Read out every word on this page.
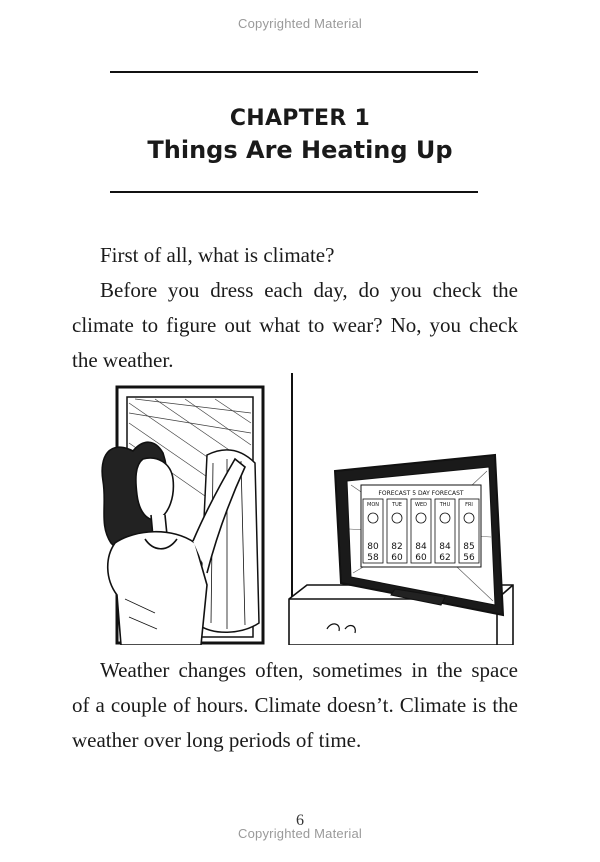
Copyrighted Material
CHAPTER 1
Things Are Heating Up

First of all, what is climate?

Before you dress each day, do you check the climate to figure out what to wear? No, you check the weather.

FORECAST 5 DAY FORECAST
MON
80
58
TUE
82
60
WED
84
60
THU
84
62
FRI
85
56

Weather changes often, sometimes in the space of a couple of hours. Climate doesn’t. Climate is the weather over long periods of time.

6
Copyrighted Material
